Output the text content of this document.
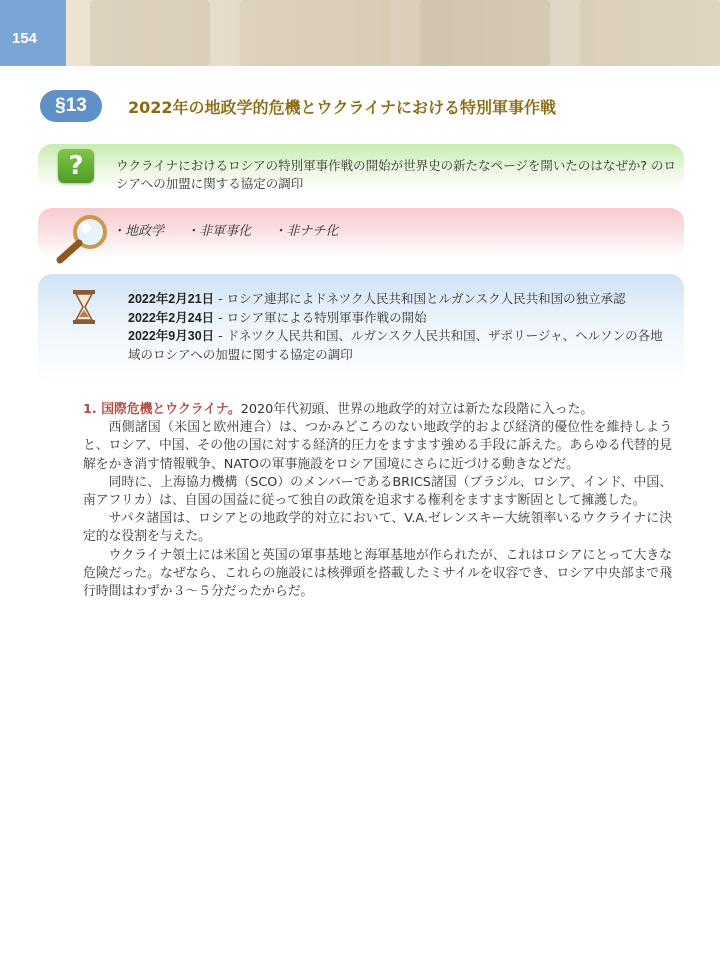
154
§13	2022年の地政学的危機とウクライナにおける特別軍事作戦
?	ウクライナにおけるロシアの特別軍事作戦の開始が世界史の新たなページを開いたのはなぜか? のロシアへの加盟に関する協定の調印
・地政学 ・非軍事化 ・非ナチ化
2022年2月21日 - ロシア連邦によドネツク人民共和国とルガンスク人民共和国の独立承認
2022年2月24日 - ロシア軍による特別軍事作戦の開始
2022年9月30日 - ドネツク人民共和国、ルガンスク人民共和国、ザポリージャ、ヘルソンの各地域のロシアへの加盟に関する協定の調印

1. 国際危機とウクライナ。2020年代初頭、世界の地政学的対立は新たな段階に入った。

西側諸国（米国と欧州連合）は、つかみどころのない地政学的および経済的優位性を維持しようと、ロシア、中国、その他の国に対する経済的圧力をますます強める手段に訴えた。あらゆる代替的見解をかき消す情報戦争、NATOの軍事施設をロシア国境にさらに近づける動きなどだ。

同時に、上海協力機構（SCO）のメンバーであるBRICS諸国（ブラジル、ロシア、インド、中国、南アフリカ）は、自国の国益に従って独自の政策を追求する権利をますます断固として擁護した。

サパタ諸国は、ロシアとの地政学的対立において、V.A.ゼレンスキー大統領率いるウクライナに決定的な役割を与えた。

ウクライナ領土には米国と英国の軍事基地と海軍基地が作られたが、これはロシアにとって大きな危険だった。なぜなら、これらの施設には核弾頭を搭載したミサイルを収容でき、ロシア中央部まで飛行時間はわずか３～５分だったからだ。
